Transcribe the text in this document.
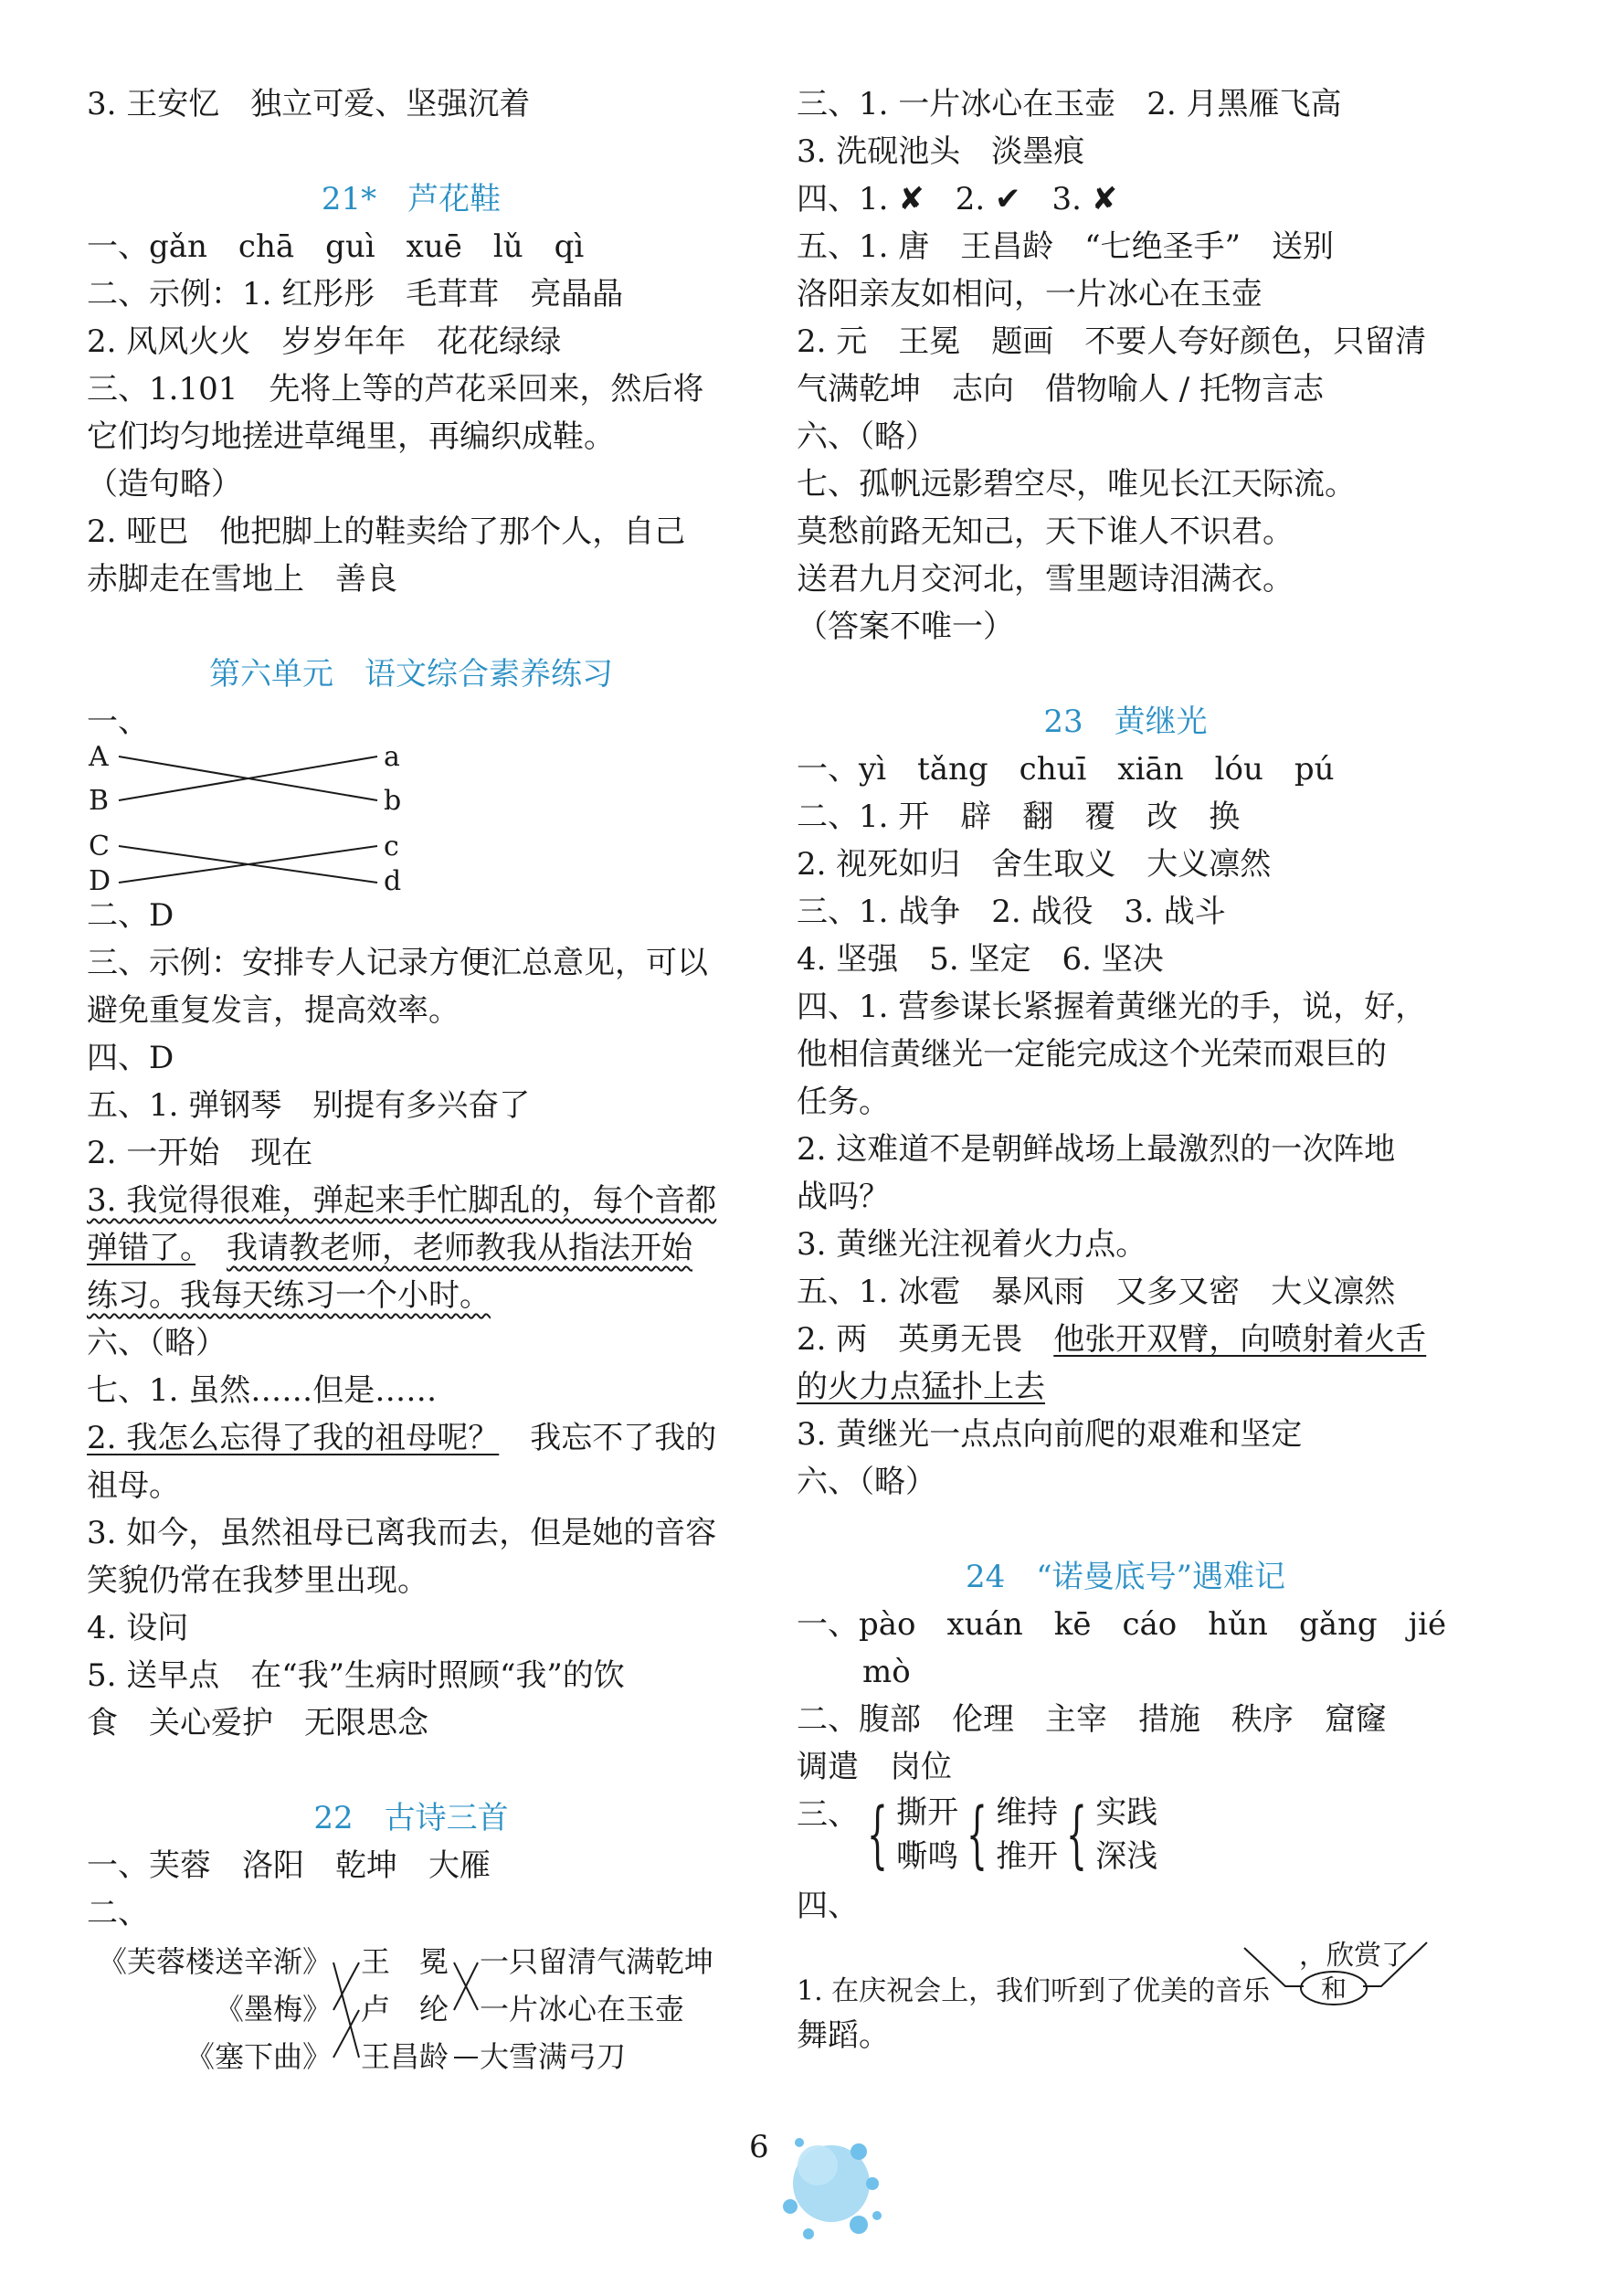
3. 王安忆　独立可爱、坚强沉着
21*　芦花鞋
一、gǎn　chā　guì　xuē　lǔ　qì
二、示例：1. 红彤彤　毛茸茸　亮晶晶
2. 风风火火　岁岁年年　花花绿绿
三、1.101　先将上等的芦花采回来，然后将
它们均匀地搓进草绳里，再编织成鞋。
（造句略）
2. 哑巴　他把脚上的鞋卖给了那个人，自己
赤脚走在雪地上　善良
第六单元　语文综合素养练习
一、
A
B
C
D
a
b
c
d
二、D
三、示例：安排专人记录方便汇总意见，可以
避免重复发言，提高效率。
四、D
五、1. 弹钢琴　别提有多兴奋了
2. 一开始　现在
3. 我觉得很难，弹起来手忙脚乱的，每个音都
弹错了。　 我请教老师，老师教我从指法开始
练习。我每天练习一个小时。
六、（略）
七、1. 虽然……但是……
2. 我怎么忘得了我的祖母呢？　 我忘不了我的
祖母。
3. 如今，虽然祖母已离我而去，但是她的音容
笑貌仍常在我梦里出现。
4. 设问
5. 送早点　在“我”生病时照顾“我”的饮
食　关心爱护　无限思念
22　古诗三首
一、芙蓉　洛阳　乾坤　大雁
二、
《芙蓉楼送辛渐》
《墨梅》
《塞下曲》
王　冕
卢　纶
王昌龄
一只留清气满乾坤
一片冰心在玉壶
大雪满弓刀
三、1. 一片冰心在玉壶　2. 月黑雁飞高
3. 洗砚池头　淡墨痕
四、1. ✘　2. ✔　3. ✘
五、1. 唐　王昌龄　“七绝圣手”　送别
洛阳亲友如相问，一片冰心在玉壶
2. 元　王冕　题画　不要人夸好颜色，只留清
气满乾坤　志向　借物喻人 / 托物言志
六、（略）
七、孤帆远影碧空尽，唯见长江天际流。
莫愁前路无知己，天下谁人不识君。
送君九月交河北，雪里题诗泪满衣。
（答案不唯一）
23　黄继光
一、yì　tǎng　chuī　xiān　lóu　pú
二、1. 开　辟　翻　覆　改　换
2. 视死如归　舍生取义　大义凛然
三、1. 战争　2. 战役　3. 战斗
4. 坚强　5. 坚定　6. 坚决
四、1. 营参谋长紧握着黄继光的手，说，好，
他相信黄继光一定能完成这个光荣而艰巨的
任务。
2. 这难道不是朝鲜战场上最激烈的一次阵地
战吗？
3. 黄继光注视着火力点。
五、1. 冰雹　暴风雨　又多又密　大义凛然
2. 两　英勇无畏　他张开双臂，向喷射着火舌
的火力点猛扑上去
3. 黄继光一点点向前爬的艰难和坚定
六、（略）
24　“诺曼底号”遇难记
一、pào　xuán　kē　cáo　hǔn　gǎng　jié
mò
二、腹部　伦理　主宰　措施　秩序　窟窿
调遣　岗位
三、 { 撕开
嘶鸣 { 维持
推开 { 实践
深浅
四、
1. 在庆祝会上，我们听到了优美的音乐
，欣赏了
和
舞蹈。
6
